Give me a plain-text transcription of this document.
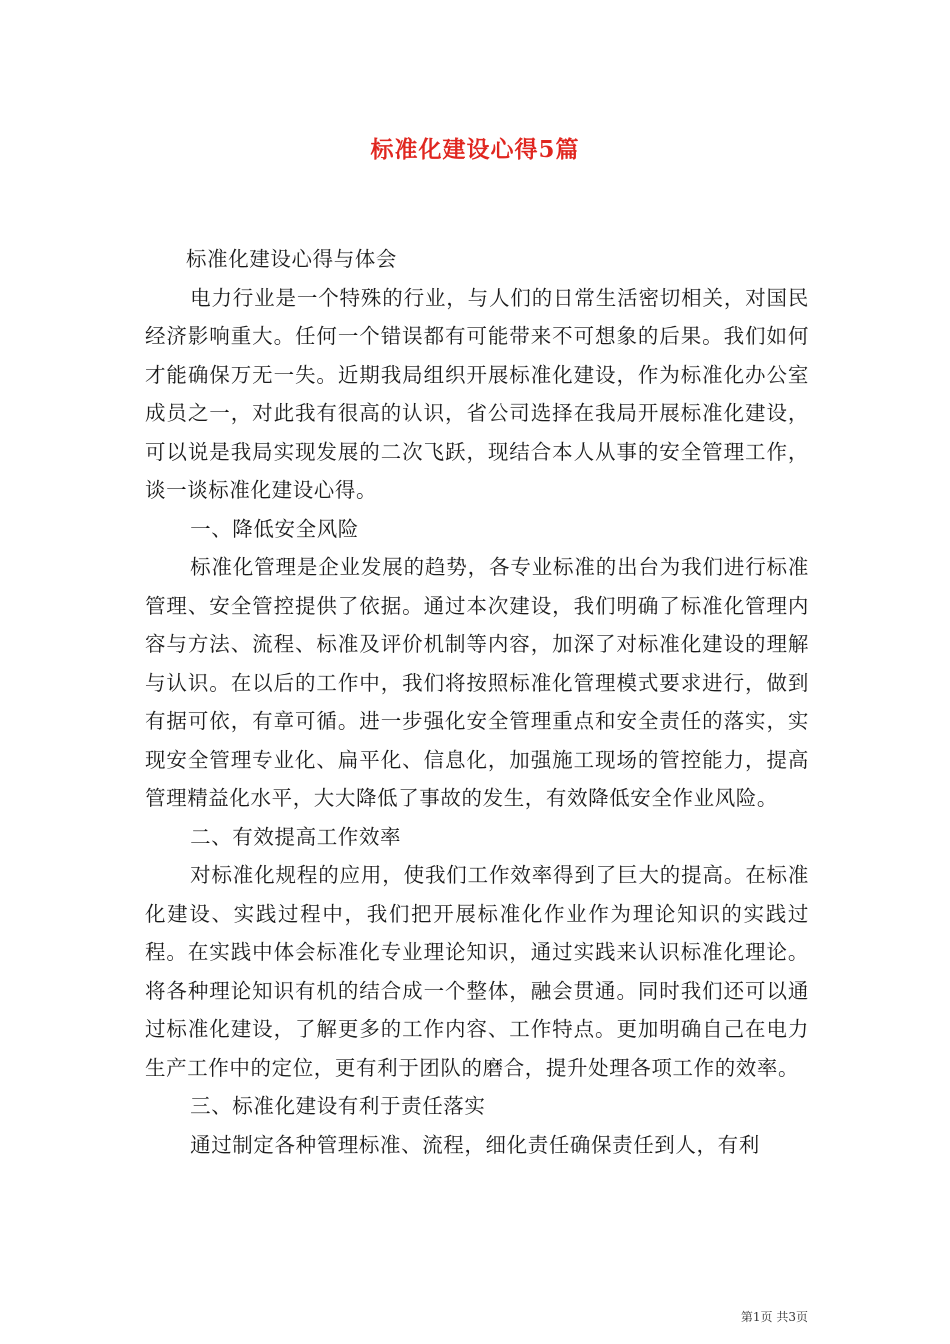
标准化建设心得5篇

标准化建设心得与体会

电力行业是一个特殊的行业，与人们的日常生活密切相关，对国民经济影响重大。任何一个错误都有可能带来不可想象的后果。我们如何才能确保万无一失。近期我局组织开展标准化建设，作为标准化办公室成员之一，对此我有很高的认识，省公司选择在我局开展标准化建设，可以说是我局实现发展的二次飞跃，现结合本人从事的安全管理工作，谈一谈标准化建设心得。

一、降低安全风险

标准化管理是企业发展的趋势，各专业标准的出台为我们进行标准管理、安全管控提供了依据。通过本次建设，我们明确了标准化管理内容与方法、流程、标准及评价机制等内容，加深了对标准化建设的理解与认识。在以后的工作中，我们将按照标准化管理模式要求进行，做到有据可依，有章可循。进一步强化安全管理重点和安全责任的落实，实现安全管理专业化、扁平化、信息化，加强施工现场的管控能力，提高管理精益化水平，大大降低了事故的发生，有效降低安全作业风险。

二、有效提高工作效率

对标准化规程的应用，使我们工作效率得到了巨大的提高。在标准化建设、实践过程中，我们把开展标准化作业作为理论知识的实践过程。在实践中体会标准化专业理论知识，通过实践来认识标准化理论。将各种理论知识有机的结合成一个整体，融会贯通。同时我们还可以通过标准化建设，了解更多的工作内容、工作特点。更加明确自己在电力生产工作中的定位，更有利于团队的磨合，提升处理各项工作的效率。

三、标准化建设有利于责任落实

通过制定各种管理标准、流程，细化责任确保责任到人，有利

第1页 共3页
